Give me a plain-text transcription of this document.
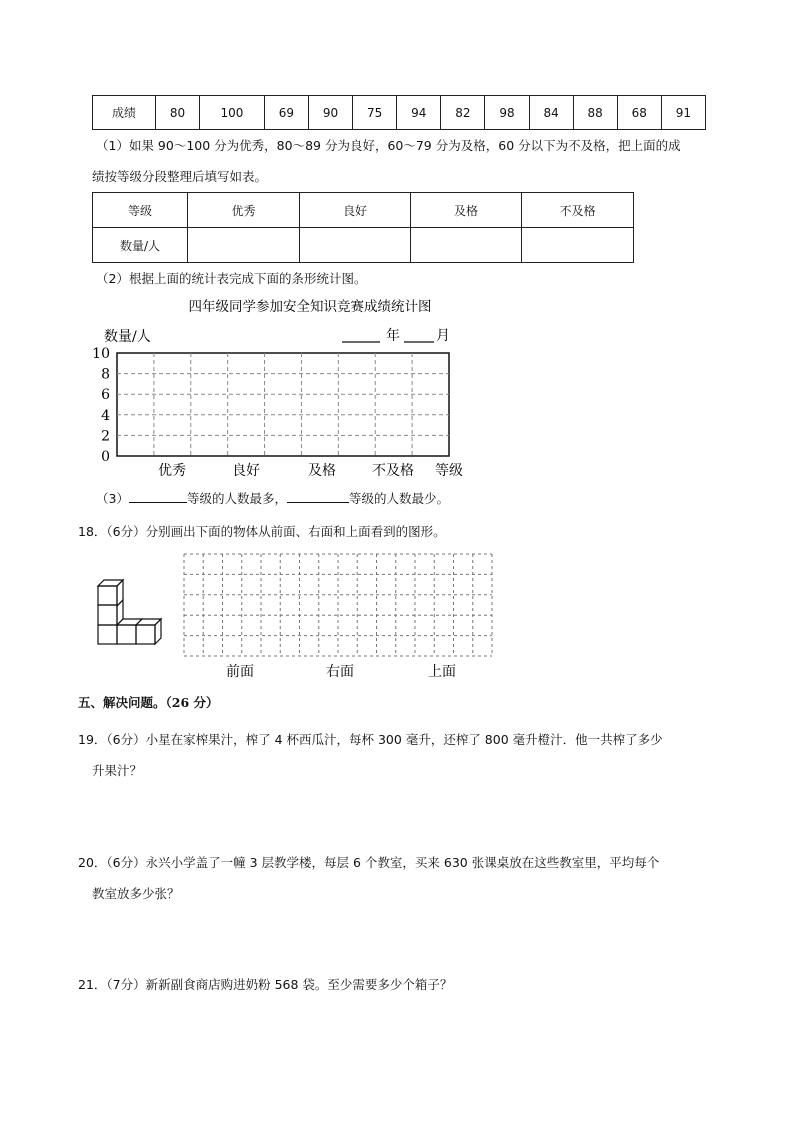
成绩	80	100	69	90	75	94	82	98	84	88	68	91
（1）如果 90～100 分为优秀，80～89 分为良好，60～79 分为及格，60 分以下为不及格，把上面的成
绩按等级分段整理后填写如表。
等级	优秀	良好	及格	不及格
数量/人				
（2）根据上面的统计表完成下面的条形统计图。
四年级同学参加安全知识竞赛成绩统计图
数量/人	年	月
0
2
4
6
8
10
优秀	良好	及格	不及格 等级
（3）	等级的人数最多，	等级的人数最少。
18．（6分）分别画出下面的物体从前面、右面和上面看到的图形。
前面	右面	上面
五、解决问题。（26 分）
19．（6分）小星在家榨果汁，榨了 4 杯西瓜汁，每杯 300 毫升，还榨了 800 毫升橙汁．他一共榨了多少
升果汁？
20．（6分）永兴小学盖了一幢 3 层教学楼，每层 6 个教室，买来 630 张课桌放在这些教室里，平均每个
教室放多少张？
21．（7分）新新副食商店购进奶粉 568 袋。至少需要多少个箱子？
